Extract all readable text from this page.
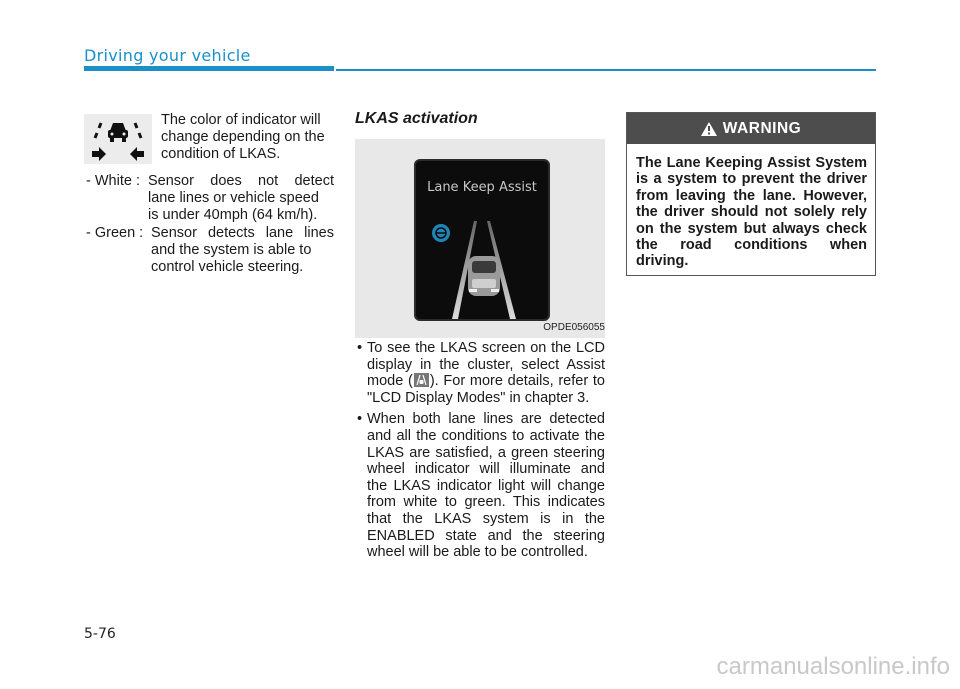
Driving your vehicle
The color of indicator will change depending on the condition of LKAS.
- White : Sensor does not detect
lane lines or vehicle speed
is under 40mph (64 km/h).
- Green : Sensor detects lane lines
and the system is able to
control vehicle steering.
LKAS activation
Lane Keep Assist
OPDE056055
• To see the LKAS screen on the LCD display in the cluster, select Assist mode ( ). For more details, refer to "LCD Display Modes" in chapter 3.
• When both lane lines are detected and all the conditions to activate the LKAS are satisfied, a green steering wheel indicator will illuminate and the LKAS indicator light will change from white to green. This indicates that the LKAS system is in the ENABLED state and the steering wheel will be able to be controlled.
WARNING
The Lane Keeping Assist System is a system to prevent the driver from leaving the lane. However, the driver should not solely rely on the system but always check the road conditions when driving.
5-76
carmanualsonline.info
